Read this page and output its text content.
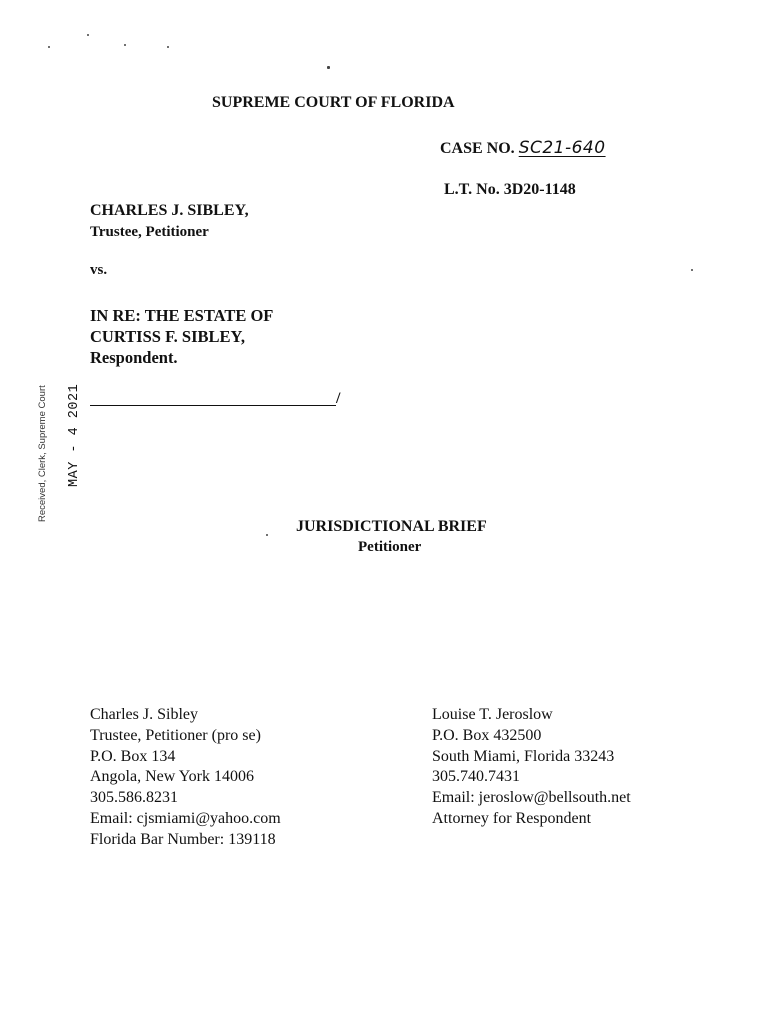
SUPREME COURT OF FLORIDA
CASE NO. SC21-640
L.T. No. 3D20-1148
CHARLES J. SIBLEY,
Trustee, Petitioner
vs.
IN RE: THE ESTATE OF
CURTISS F. SIBLEY,
Respondent.
/
Received, Clerk, Supreme Court MAY - 4 2021
JURISDICTIONAL BRIEF
Petitioner
Charles J. Sibley
Trustee, Petitioner (pro se)
P.O. Box 134
Angola, New York 14006
305.586.8231
Email: cjsmiami@yahoo.com
Florida Bar Number: 139118
Louise T. Jeroslow
P.O. Box 432500
South Miami, Florida 33243
305.740.7431
Email: jeroslow@bellsouth.net
Attorney for Respondent
